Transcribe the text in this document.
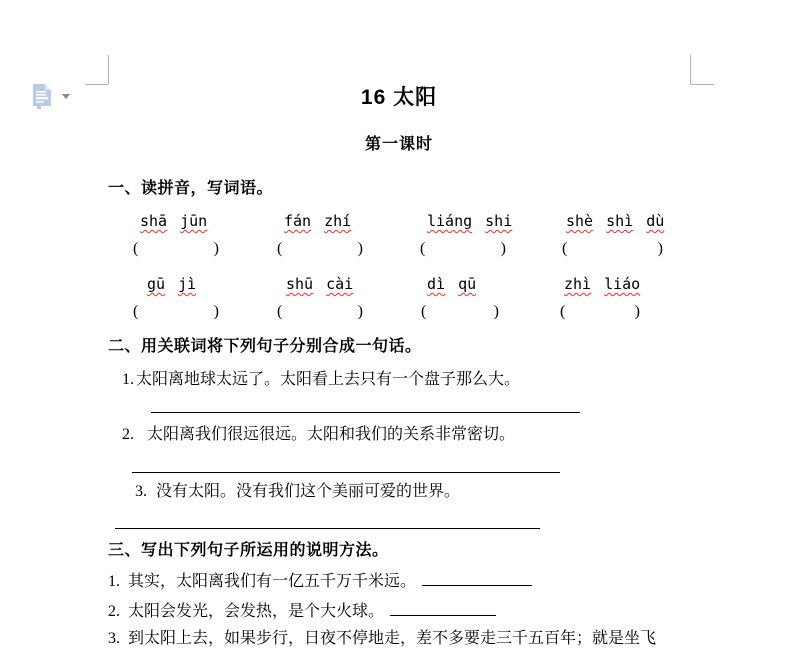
16 太阳
第一课时
一、读拼音，写词语。
shā jūn	fán zhí	liáng shi	shè shì dù
(	)	(	)	(	)	(	)
gū jì	shū cài	dì qū	zhì liáo
(	)	(	)	(	)	(	)
二、用关联词将下列句子分别合成一句话。
1. 太阳离地球太远了。太阳看上去只有一个盘子那么大。
2. 太阳离我们很远很远。太阳和我们的关系非常密切。
3. 没有太阳。没有我们这个美丽可爱的世界。
三、写出下列句子所运用的说明方法。
1. 其实，太阳离我们有一亿五千万千米远。
2. 太阳会发光，会发热，是个大火球。
3. 到太阳上去，如果步行，日夜不停地走，差不多要走三千五百年；就是坐飞
